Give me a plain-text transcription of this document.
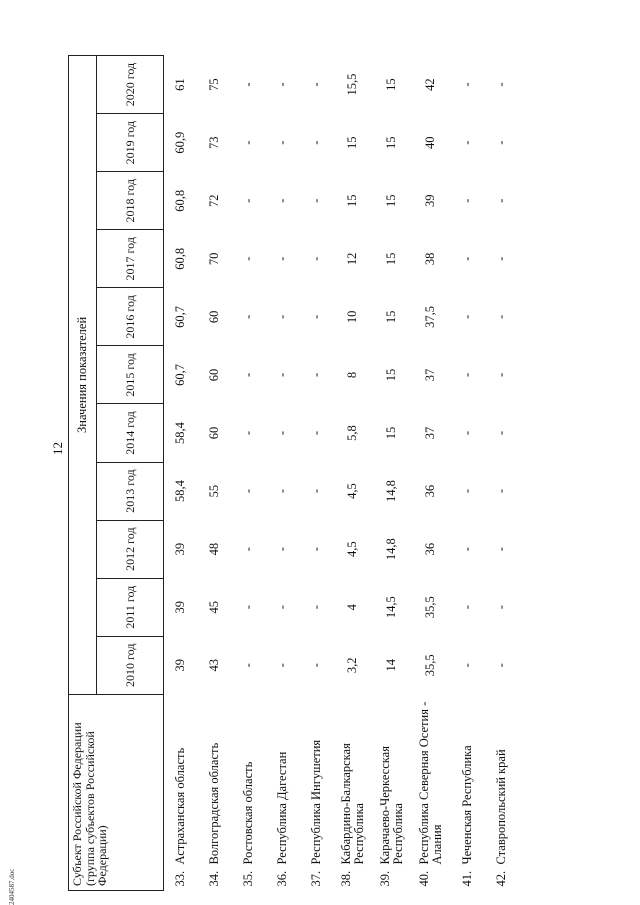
12
Субъект Российской Федерации (группа субъектов Российской Федерации)	Значения показателей										
	2010 год	2011 год	2012 год	2013 год	2014 год	2015 год	2016 год	2017 год	2018 год	2019 год	2020 год
33.Астраханская область	39	39	39	58,4	58,4	60,7	60,7	60,8	60,8	60,9	61
34.Волгоградская область	43	45	48	55	60	60	60	70	72	73	75
35.Ростовская область	-	-	-	-	-	-	-	-	-	-	-
36.Республика Дагестан	-	-	-	-	-	-	-	-	-	-	-
37.Республика Ингушетия	-	-	-	-	-	-	-	-	-	-	-
38.Кабардино-Балкарская Республика	3,2	4	4,5	4,5	5,8	8	10	12	15	15	15,5
39.Карачаево-Черкесская Республика	14	14,5	14,8	14,8	15	15	15	15	15	15	15
40.Республика Северная Осетия - Алания	35,5	35,5	36	36	37	37	37,5	38	39	40	42
41.Чеченская Республика	-	-	-	-	-	-	-	-	-	-	-
42.Ставропольский край	-	-	-	-	-	-	-	-	-	-	-
2404587.doc
